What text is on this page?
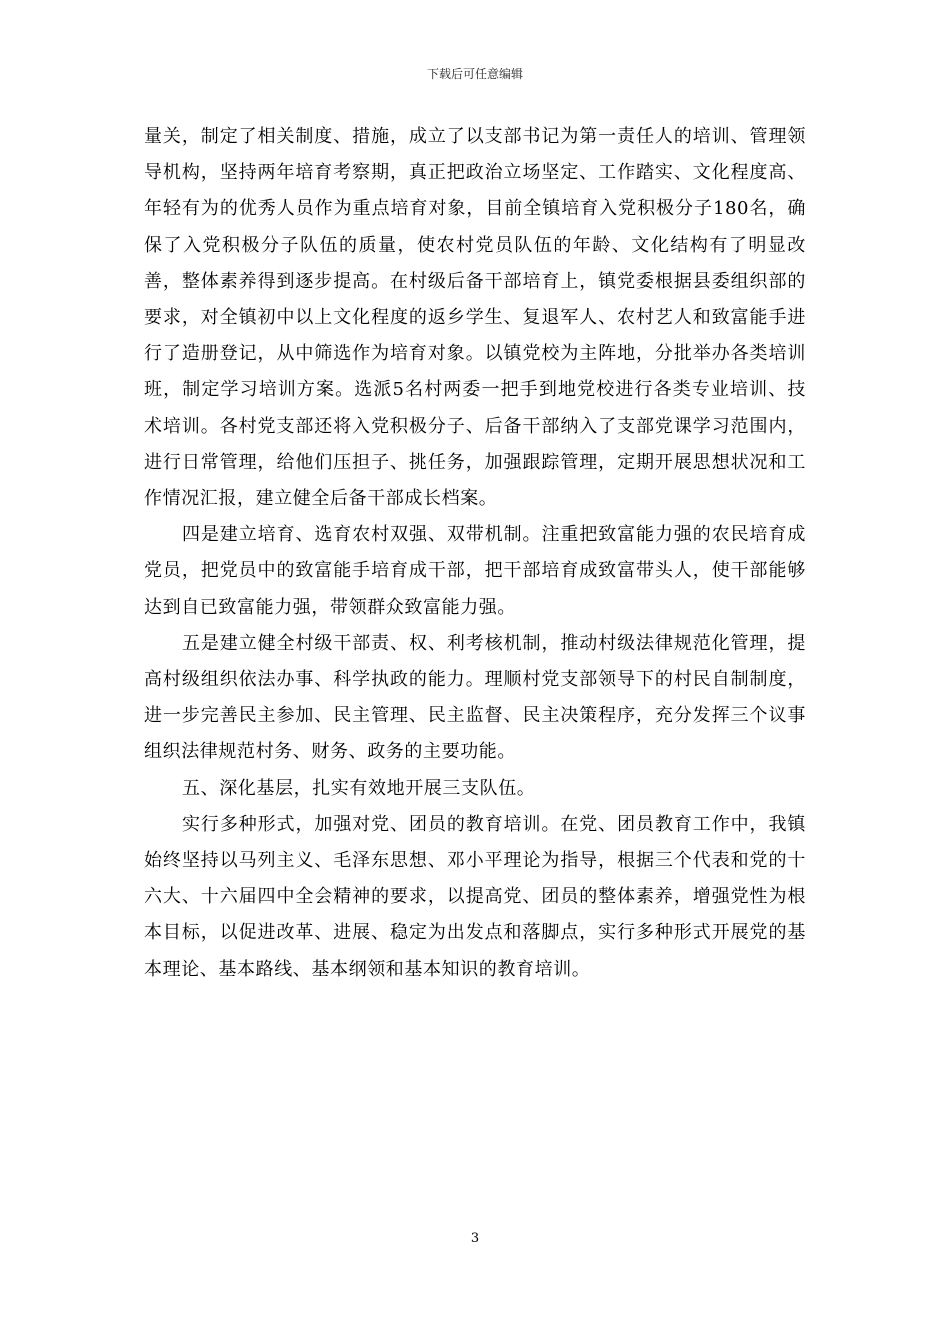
下载后可任意编辑

量关，制定了相关制度、措施，成立了以支部书记为第一责任人的培训、管理领导机构，坚持两年培育考察期，真正把政治立场坚定、工作踏实、文化程度高、年轻有为的优秀人员作为重点培育对象，目前全镇培育入党积极分子180名，确保了入党积极分子队伍的质量，使农村党员队伍的年龄、文化结构有了明显改善，整体素养得到逐步提高。在村级后备干部培育上，镇党委根据县委组织部的要求，对全镇初中以上文化程度的返乡学生、复退军人、农村艺人和致富能手进行了造册登记，从中筛选作为培育对象。以镇党校为主阵地，分批举办各类培训班，制定学习培训方案。选派5名村两委一把手到地党校进行各类专业培训、技术培训。各村党支部还将入党积极分子、后备干部纳入了支部党课学习范围内，进行日常管理，给他们压担子、挑任务，加强跟踪管理，定期开展思想状况和工作情况汇报，建立健全后备干部成长档案。

四是建立培育、选育农村双强、双带机制。注重把致富能力强的农民培育成党员，把党员中的致富能手培育成干部，把干部培育成致富带头人，使干部能够达到自已致富能力强，带领群众致富能力强。

五是建立健全村级干部责、权、利考核机制，推动村级法律规范化管理，提高村级组织依法办事、科学执政的能力。理顺村党支部领导下的村民自制制度，进一步完善民主参加、民主管理、民主监督、民主决策程序，充分发挥三个议事组织法律规范村务、财务、政务的主要功能。

五、深化基层，扎实有效地开展三支队伍。

实行多种形式，加强对党、团员的教育培训。在党、团员教育工作中，我镇始终坚持以马列主义、毛泽东思想、邓小平理论为指导，根据三个代表和党的十六大、十六届四中全会精神的要求，以提高党、团员的整体素养，增强党性为根本目标，以促进改革、进展、稳定为出发点和落脚点，实行多种形式开展党的基本理论、基本路线、基本纲领和基本知识的教育培训。

3
